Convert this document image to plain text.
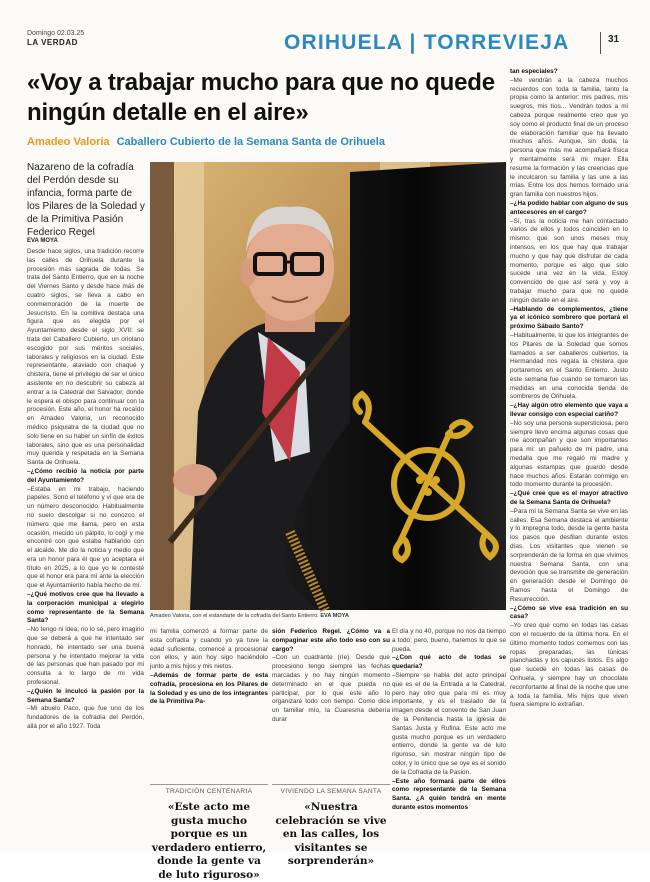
Domingo 02.03.25
LA VERDAD	ORIHUELA | TORREVIEJA	31
«Voy a trabajar mucho para que no quede ningún detalle en el aire»
Amadeo Valoria Caballero Cubierto de la Semana Santa de Orihuela
Nazareno de la cofradía del Perdón desde su infancia, forma parte de los Pilares de la Soledad y de la Primitiva Pasión Federico Regel
EVA MOYA

Desde hace siglos, una tradición recorre las calles de Orihuela durante la procesión más sagrada de todas. Se trata del Santo Entierro, que en la noche del Viernes Santo y desde hace más de cuatro siglos, se lleva a cabo en conmemoración de la muerte de Jesucristo. En la comitiva destaca una figura que es elegida por el Ayuntamiento desde el siglo XVII: se trata del Caballero Cubierto, un oriolano escogido por sus méritos sociales, laborales y religiosos en la ciudad. Este representante, ataviado con chaqué y chistera, tiene el privilegio de ser el único asistente en no descubrir su cabeza al entrar a la Catedral del Salvador, donde le espera el obispo para continuar con la procesión. Este año, el honor ha recaído en Amadeo Valoria, un reconocido médico psiquiatra de la ciudad que no solo tiene en su haber un sinfín de éxitos laborales, sino que es una personalidad muy querida y respetada en la Semana Santa de Orihuela.

–¿Cómo recibió la noticia por parte del Ayuntamiento?

–Estaba en mi trabajo, haciendo papeles. Sonó el teléfono y vi que era de un número desconocido. Habitualmente no suelo descolgar si no conozco el número que me llama, pero en esta ocasión, mecido un pálpito, lo cogí y me encontré con que estaba hablando con el alcalde. Me dio la noticia y medio que era un honor para él que yo aceptara el título en 2025, a lo que yo le contesté que el honor era para mí ante la elección que el Ayuntamiento había hecho de mí.

–¿Qué motivos cree que ha llevado a la corporación municipal a elegirlo como representante de la Semana Santa?

–No tengo ni idea, no lo sé, pero imagino que se deberá a que he intentado ser honrado, he intentado ser una buena persona y he intentado mejorar la vida de las personas que han pasado por mi consulta a lo largo de mi vida profesional.

–¿Quién le inculcó la pasión por la Semana Santa?

–Mi abuelo Paco, que fue uno de los fundadores de la cofradía del Perdón, allá por el año 1927. Toda

Amadeo Valoria, con el estandarte de la cofradía del Santo Entierro. EVA MOYA

mi familia comenzó a formar parte de esta cofradía y cuando yo ya tuve la edad suficiente, comencé a procesionar con ellos, y aún hoy sigo haciéndolo junto a mis hijos y mis nietos.

–Además de formar parte de esta cofradía, procesiona en los Pilares de la Soledad y es uno de los integrantes de la Primitiva Pa-

sión Federico Regel. ¿Cómo va a compaginar este año todo eso con su cargo?

–Con un cuadrante (ríe). Desde que procesiono tengo siempre las fechas marcadas y no hay ningún momento determinado en el que pueda no participar, por lo que este año lo organizaré todo con tiempo. Como dice un familiar mío, la Cuaresma debería durar

El día y no 40, porque no nos da tiempo a todo; pero, bueno, haremos lo que se pueda.

–¿Con qué acto de todas se quedaría?

–Siempre se habla del acto principal que es el de la Entrada a la Catedral, pero hay otro que para mí es muy importante, y es el traslado de la imagen desde el convento de San Juan de la Penitencia hasta la iglesia de Santas Justa y Rufina. Este acto me gusta mucho porque es un verdadero entierro, donde la gente va de luto riguroso, sin mostrar ningún tipo de color, y lo único que se oye es el sonido de la Cofradía de la Pasión.

–Este año formará parte de ellos como representante de la Semana Santa. ¿A quién tendrá en mente durante estos momentos

tan especiales?

–Me vendrán a la cabeza muchos recuerdos con toda la familia, tanto la propia como la anterior: mis padres, mis suegros, mis tíos... Vendrán todos a mi cabeza porque realmente creo que yo soy como el producto final de un proceso de elaboración familiar que ha llevado muchos años. Aunque, sin duda, la persona que más me acompañará física y mentalmente será mi mujer. Ella resume la formación y las creencias que le inculcaron su familia y las une a las mías. Entre los dos hemos formado una gran familia con nuestros hijos.

–¿Ha podido hablar con alguno de sus antecesores en el cargo?

–Sí, tras la noticia me han contactado varios de ellos y todos coinciden en lo mismo: que son unos meses muy intensos, en los que hay que trabajar mucho y que hay que disfrutar de cada momento, porque es algo que solo sucede una vez en la vida. Estoy convencido de que así será y voy a trabajar mucho para que no quede ningún detalle en el aire.

–Hablando de complementos, ¿tiene ya el icónico sombrero que portará el próximo Sábado Santo?

–Habitualmente, lo que los integrantes de los Pilares de la Soledad que somos llamados a ser caballeros cubiertos, la Hermandad nos regala la chistera que portaremos en el Santo Entierro. Justo este semana fue cuando se tomaron las medidas en una conocida tienda de sombreros de Orihuela.

–¿Hay algún otro elemento que vaya a llevar consigo con especial cariño?

–No soy una persona supersticiosa, pero siempre llevo encima algunas cosas que me acompañan y que son importantes para mí: un pañuelo de mi padre, una medalla que me regaló mi madre y algunas estampas que guardo desde hace muchos años. Estarán conmigo en todo momento durante la procesión.

–¿Qué cree que es el mayor atractivo de la Semana Santa de Orihuela?

–Para mí la Semana Santa se vive en las calles. Esa Semana destaca el ambiente y lo impregna todo, desde la gente hasta los pasos que desfilan durante estos días. Los visitantes que vienen se sorprenderán de la forma en que vivimos nuestra Semana Santa, con una devoción que se transmite de generación en generación desde el Domingo de Ramos hasta el Domingo de Resurrección.

–¿Cómo se vive esa tradición en su casa?

–Yo creo que como en todas las casas con el recuerdo de la última hora. En el último momento todos comemos con las ropas preparadas, las túnicas planchadas y los capuces listos. Es algo que sucede en todas las casas de Orihuela, y siempre hay un chocolate reconfortante al final de la noche que une a toda la familia. Mis hijos que viven fuera siempre lo extrañan.

TRADICIÓN CENTENARIA
«Este acto me gusta mucho porque es un verdadero entierro, donde la gente va de luto riguroso»
VIVIENDO LA SEMANA SANTA
«Nuestra celebración se vive en las calles, los visitantes se sorprenderán»
